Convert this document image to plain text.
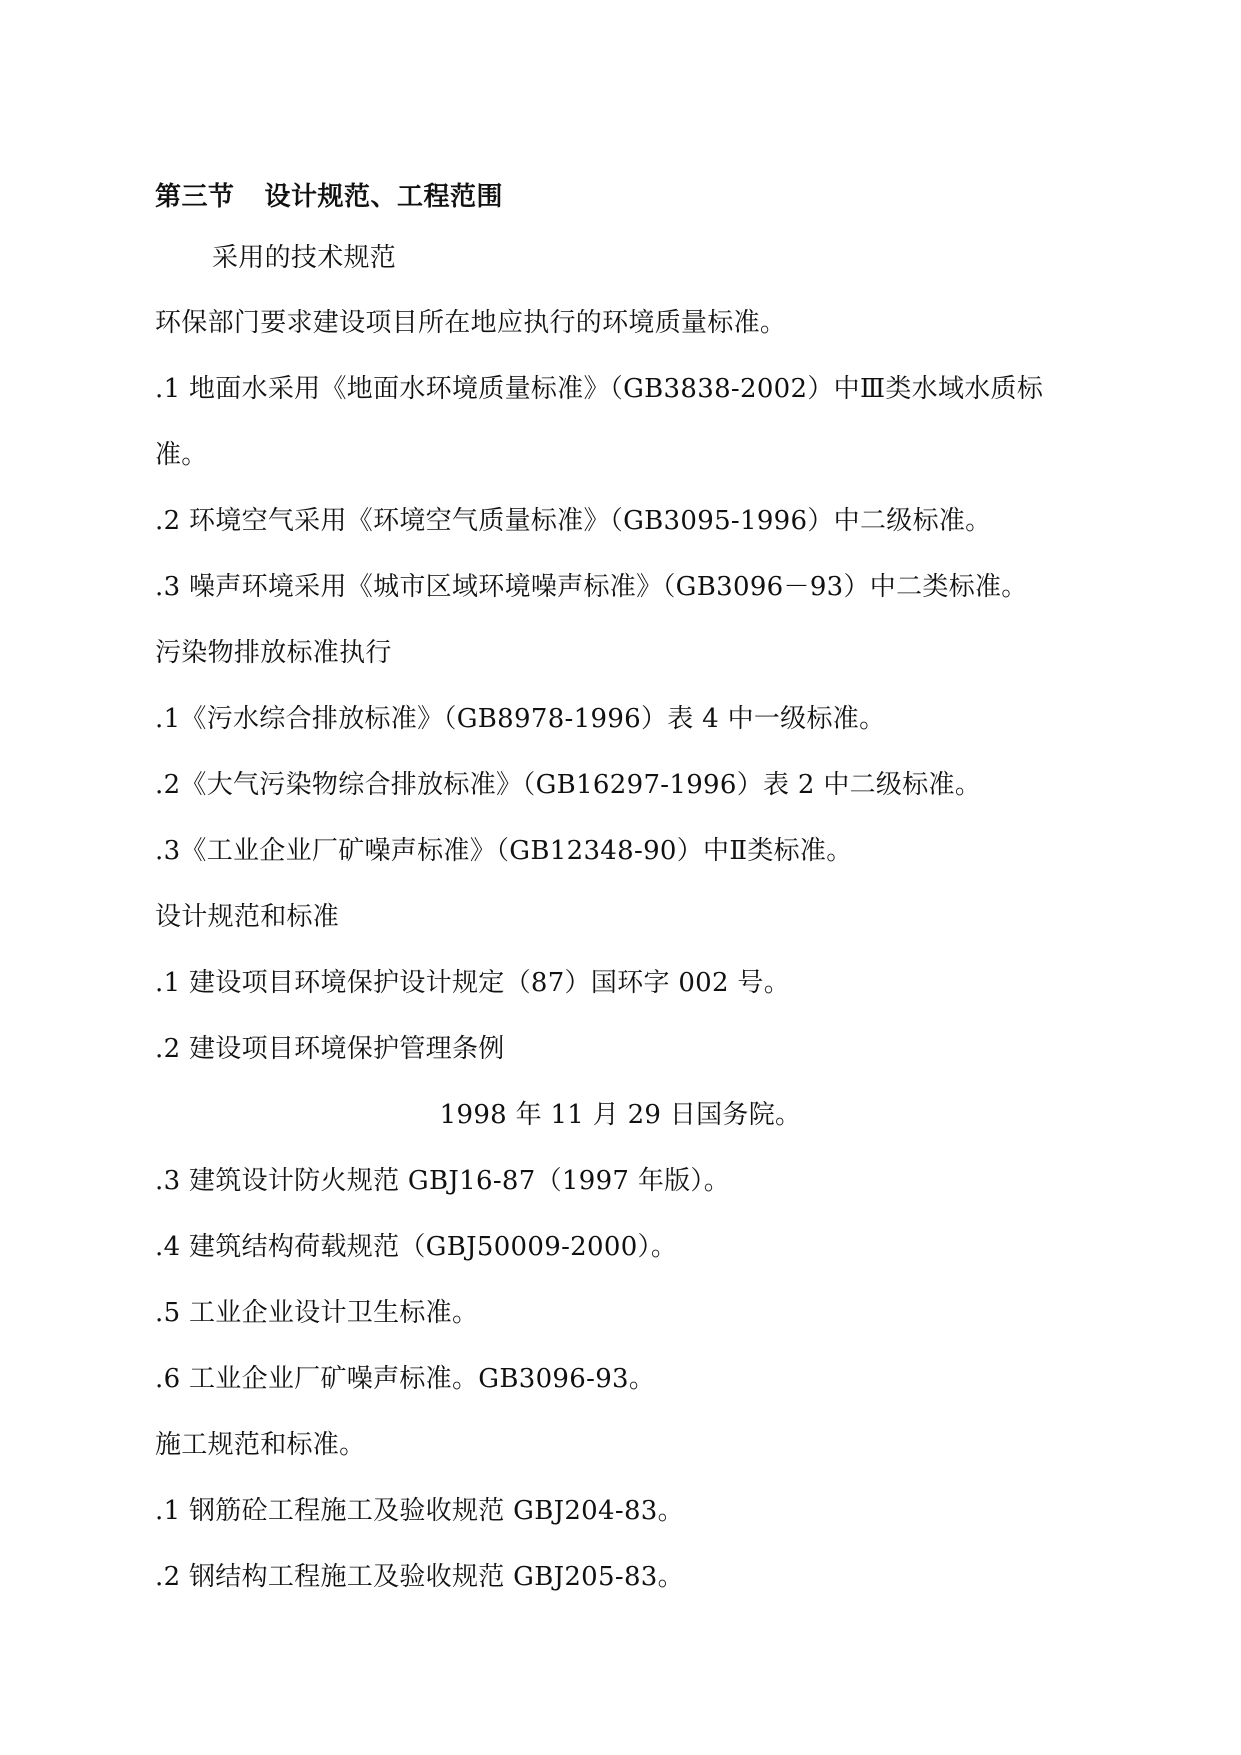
第三节 设计规范、工程范围
采用的技术规范
环保部门要求建设项目所在地应执行的环境质量标准。
.1 地面水采用《地面水环境质量标准》（GB3838-2002）中Ⅲ类水域水质标
准。
.2 环境空气采用《环境空气质量标准》（GB3095-1996）中二级标准。
.3 噪声环境采用《城市区域环境噪声标准》（GB3096－93）中二类标准。
污染物排放标准执行
.1《污水综合排放标准》（GB8978-1996）表 4 中一级标准。
.2《大气污染物综合排放标准》（GB16297-1996）表 2 中二级标准。
.3《工业企业厂矿噪声标准》（GB12348-90）中Ⅱ类标准。
设计规范和标准
.1 建设项目环境保护设计规定（87）国环字 002 号。
.2 建设项目环境保护管理条例
1998 年 11 月 29 日国务院。
.3 建筑设计防火规范 GBJ16-87（1997 年版）。
.4 建筑结构荷载规范（GBJ50009-2000）。
.5 工业企业设计卫生标准。
.6 工业企业厂矿噪声标准。GB3096-93。
施工规范和标准。
.1 钢筋砼工程施工及验收规范 GBJ204-83。
.2 钢结构工程施工及验收规范 GBJ205-83。
